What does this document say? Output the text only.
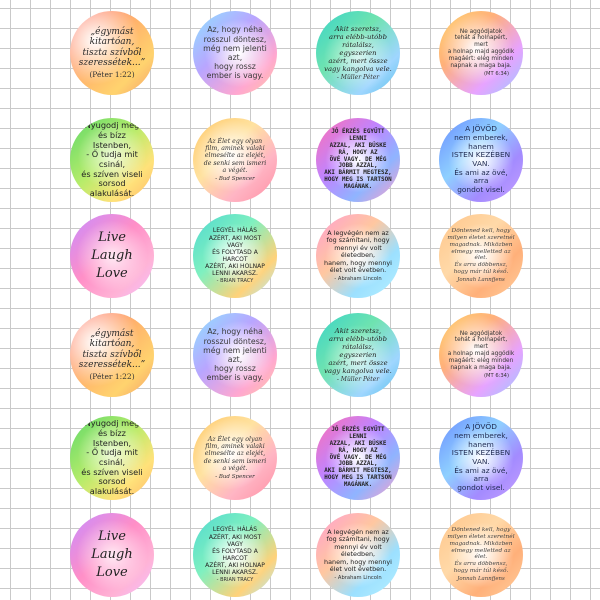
„égymást
kitartóan,
tiszta szívből
szeressétek...”
(Péter 1:22)
Az, hogy néha
rosszul döntesz,
még nem jelenti azt,
hogy rossz
ember is vagy.
Akit szeretsz,
arra elébb-utóbb
rátalálsz, egyszerien
azért, mert össze
vagy kangolva vele.
- Müller Péter
Ne aggódjatok
tehát a holnapért, mert
a holnap majd aggódik
magáért: elég minden
napnak a maga baja.
(MT 6:34)
Nyugodj meg
és bízz Istenben,
- Ő tudja mit csinál,
és szíven viseli
sorsod
alakulását.
Az Élet egy olyan
film, aminek valaki
elmesélte az elejét,
de senki sem ismeri
a végét.
- Bud Spencer
JÓ ÉRZÉS EGYÜTT LENNI
AZZAL, AKI BÚSKE RÁ, HOGY AZ
ÖVÉ VAGY. DE MÉG JOBB AZZAL,
AKI BÁRMIT MEGTESZ,
HOGY MEG IS TARTSON
MAGÁNAK.
A JÖVŐD
nem emberek, hanem
ISTEN KEZÉBEN VAN.
És ami az övé, arra
gondot visel.
Live
Laugh
Love
LEGYÉL HÁLÁS
AZÉRT, AKI MOST VAGY
ÉS FOLYTASD A HARCOT
AZÉRT, AKI HOLNAP
LENNI AKARSZ.
- BRIAN TRACY
A legvégén nem az
fog számítani, hogy
mennyi év volt életedben,
hanem, hogy mennyi
élet volt évetben.
- Abraham Lincoln
Döntened kell, hogy
milyen életet szeretnél
magadnak. Miközben
elmegy melletted az élet.
És arra döbbensz,
hogy már túl késő.
Jonnah Lannfjens
„égymást
kitartóan,
tiszta szívből
szeressétek...”
(Péter 1:22)
Az, hogy néha
rosszul döntesz,
még nem jelenti azt,
hogy rossz
ember is vagy.
Akit szeretsz,
arra elébb-utóbb
rátalálsz, egyszerien
azért, mert össze
vagy kangolva vele.
- Müller Péter
Ne aggódjatok
tehát a holnapért, mert
a holnap majd aggódik
magáért: elég minden
napnak a maga baja.
(MT 6:34)
Nyugodj meg
és bízz Istenben,
- Ő tudja mit csinál,
és szíven viseli
sorsod
alakulását.
Az Élet egy olyan
film, aminek valaki
elmesélte az elejét,
de senki sem ismeri
a végét.
- Bud Spencer
JÓ ÉRZÉS EGYÜTT LENNI
AZZAL, AKI BÚSKE RÁ, HOGY AZ
ÖVÉ VAGY. DE MÉG JOBB AZZAL,
AKI BÁRMIT MEGTESZ,
HOGY MEG IS TARTSON
MAGÁNAK.
A JÖVŐD
nem emberek, hanem
ISTEN KEZÉBEN VAN.
És ami az övé, arra
gondot visel.
Live
Laugh
Love
LEGYÉL HÁLÁS
AZÉRT, AKI MOST VAGY
ÉS FOLYTASD A HARCOT
AZÉRT, AKI HOLNAP
LENNI AKARSZ.
- BRIAN TRACY
A legvégén nem az
fog számítani, hogy
mennyi év volt életedben,
hanem, hogy mennyi
élet volt évetben.
- Abraham Lincoln
Döntened kell, hogy
milyen életet szeretnél
magadnak. Miközben
elmegy melletted az élet.
És arra döbbensz,
hogy már túl késő.
Jonnah Lannfjens
